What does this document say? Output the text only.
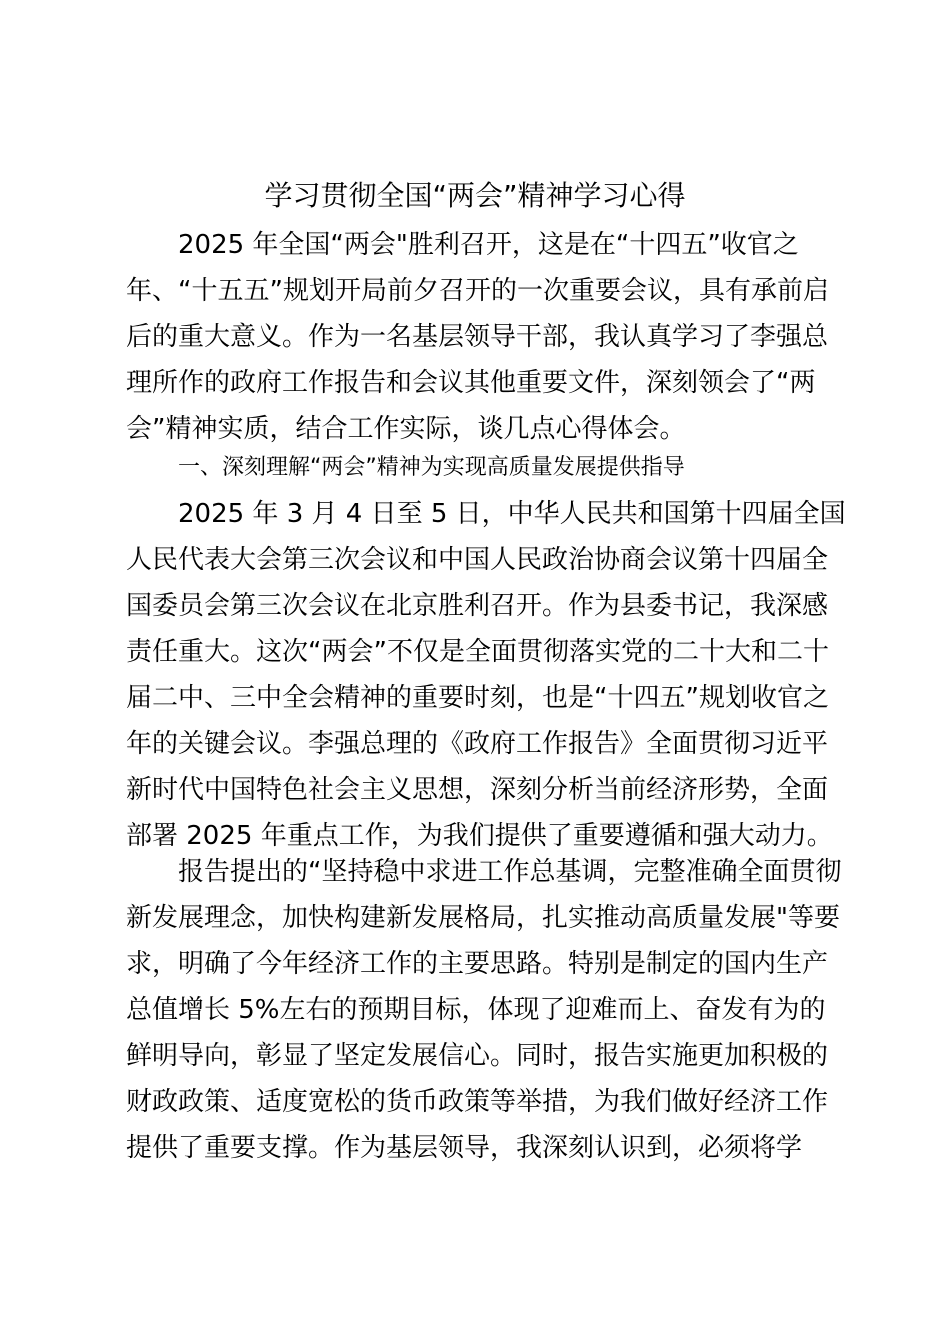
学习贯彻全国“两会”精神学习心得
2025 年全国“两会"胜利召开，这是在“十四五”收官之
年、“十五五”规划开局前夕召开的一次重要会议，具有承前启
后的重大意义。作为一名基层领导干部，我认真学习了李强总
理所作的政府工作报告和会议其他重要文件，深刻领会了“两
会”精神实质，结合工作实际，谈几点心得体会。
一、深刻理解“两会”精神为实现高质量发展提供指导
2025 年 3 月 4 日至 5 日，中华人民共和国第十四届全国
人民代表大会第三次会议和中国人民政治协商会议第十四届全
国委员会第三次会议在北京胜利召开。作为县委书记，我深感
责任重大。这次“两会”不仅是全面贯彻落实党的二十大和二十
届二中、三中全会精神的重要时刻，也是“十四五”规划收官之
年的关键会议。李强总理的《政府工作报告》全面贯彻习近平
新时代中国特色社会主义思想，深刻分析当前经济形势，全面
部署 2025 年重点工作，为我们提供了重要遵循和强大动力。
报告提出的“坚持稳中求进工作总基调，完整准确全面贯彻
新发展理念，加快构建新发展格局，扎实推动高质量发展"等要
求，明确了今年经济工作的主要思路。特别是制定的国内生产
总值增长 5%左右的预期目标，体现了迎难而上、奋发有为的
鲜明导向，彰显了坚定发展信心。同时，报告实施更加积极的
财政政策、适度宽松的货币政策等举措，为我们做好经济工作
提供了重要支撑。作为基层领导，我深刻认识到，必须将学
